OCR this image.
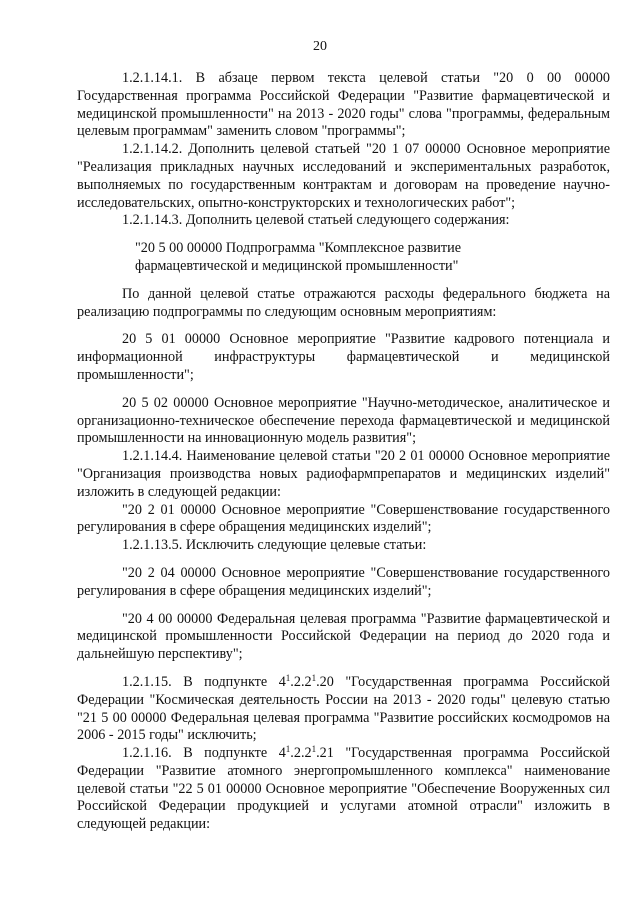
20

1.2.1.14.1. В абзаце первом текста целевой статьи "20 0 00 00000 Государственная программа Российской Федерации "Развитие фармацевтической и медицинской промышленности" на 2013 - 2020 годы" слова "программы, федеральным целевым программам" заменить словом "программы";

1.2.1.14.2. Дополнить целевой статьей "20 1 07 00000 Основное мероприятие "Реализация прикладных научных исследований и экспериментальных разработок, выполняемых по государственным контрактам и договорам на проведение научно-исследовательских, опытно-конструкторских и технологических работ";

1.2.1.14.3. Дополнить целевой статьей следующего содержания:

"20 5 00 00000 Подпрограмма "Комплексное развитие фармацевтической и медицинской промышленности"

По данной целевой статье отражаются расходы федерального бюджета на реализацию подпрограммы по следующим основным мероприятиям:

20 5 01 00000 Основное мероприятие "Развитие кадрового потенциала и информационной инфраструктуры фармацевтической и медицинской промышленности";

20 5 02 00000 Основное мероприятие "Научно-методическое, аналитическое и организационно-техническое обеспечение перехода фармацевтической и медицинской промышленности на инновационную модель развития";

1.2.1.14.4. Наименование целевой статьи "20 2 01 00000 Основное мероприятие "Организация производства новых радиофармпрепаратов и медицинских изделий" изложить в следующей редакции:

"20 2 01 00000 Основное мероприятие "Совершенствование государственного регулирования в сфере обращения медицинских изделий";

1.2.1.13.5. Исключить следующие целевые статьи:

"20 2 04 00000 Основное мероприятие "Совершенствование государственного регулирования в сфере обращения медицинских изделий";

"20 4 00 00000 Федеральная целевая программа "Развитие фармацевтической и медицинской промышленности Российской Федерации на период до 2020 года и дальнейшую перспективу";

1.2.1.15. В подпункте $4^1.2.2^1.20$ "Государственная программа Российской Федерации "Космическая деятельность России на 2013 - 2020 годы" целевую статью "21 5 00 00000 Федеральная целевая программа "Развитие российских космодромов на 2006 - 2015 годы" исключить;

1.2.1.16. В подпункте $4^1.2.2^1.21$ "Государственная программа Российской Федерации "Развитие атомного энергопромышленного комплекса" наименование целевой статьи "22 5 01 00000 Основное мероприятие "Обеспечение Вооруженных сил Российской Федерации продукцией и услугами атомной отрасли" изложить в следующей редакции:
